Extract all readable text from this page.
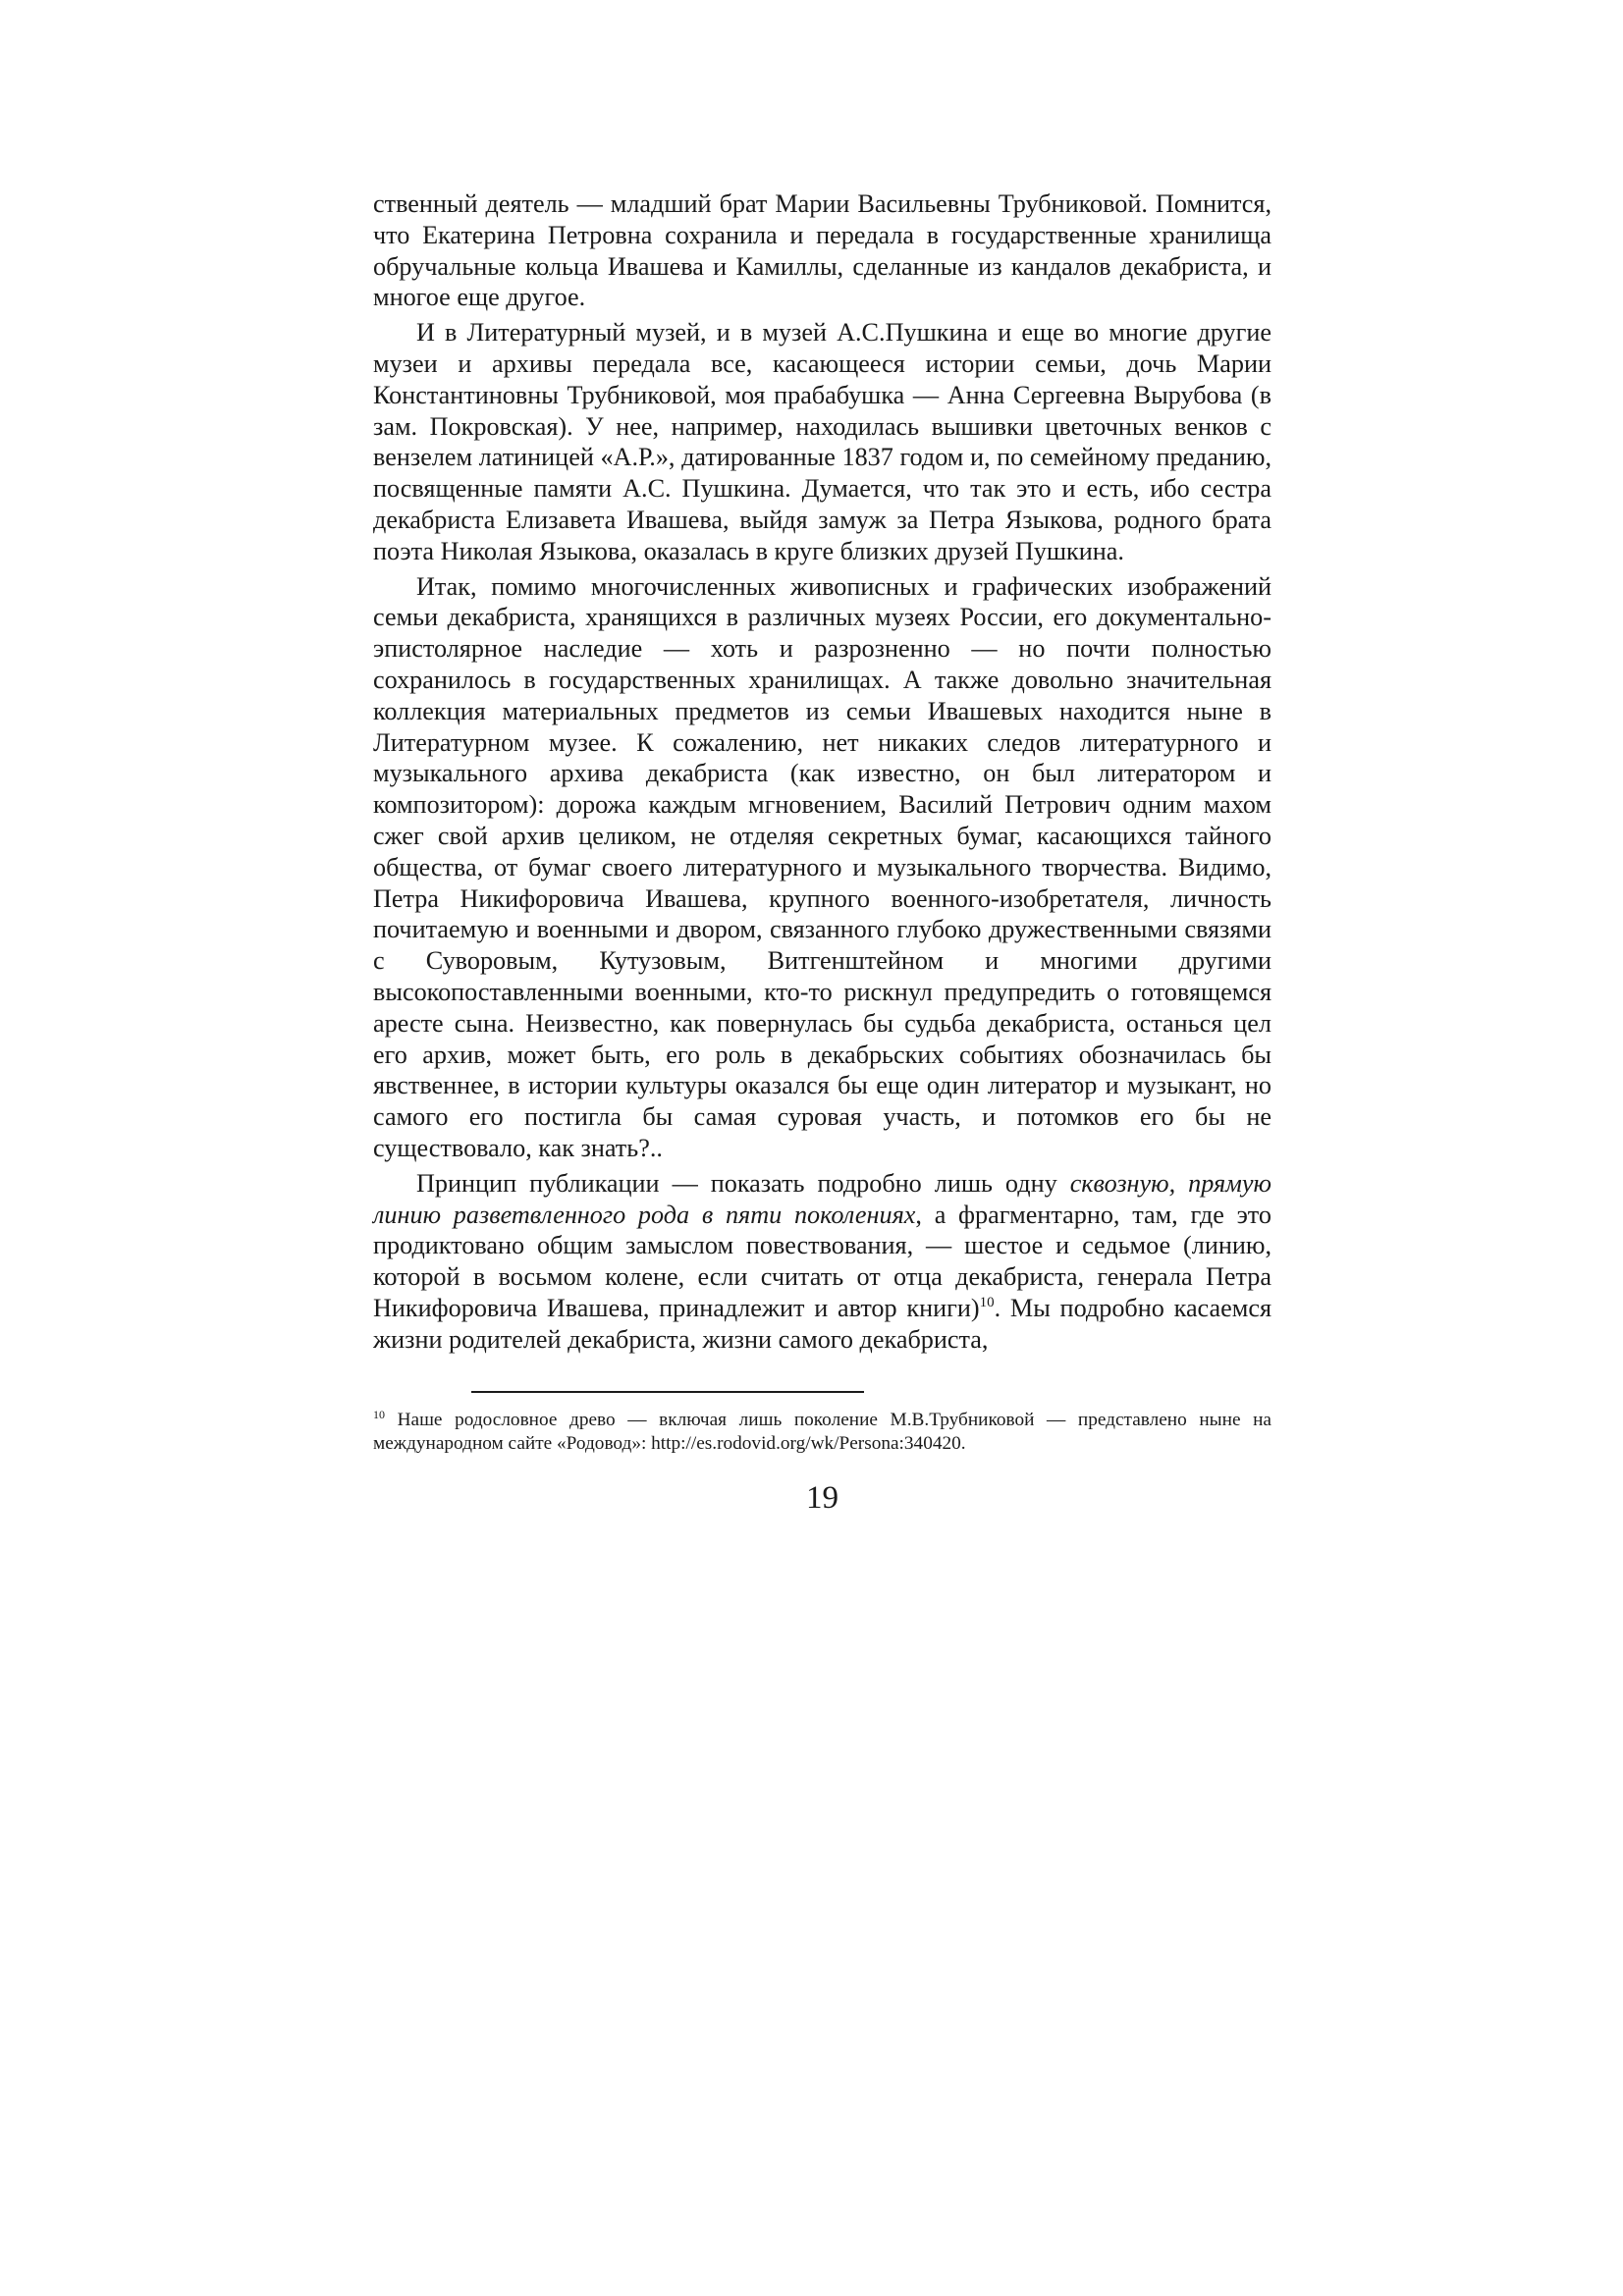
ственный деятель — младший брат Марии Васильевны Трубниковой. Помнится, что Екатерина Петровна сохранила и передала в государственные хранилища обручальные кольца Ивашева и Камиллы, сделанные из кандалов декабриста, и многое еще другое.

И в Литературный музей, и в музей А.С.Пушкина и еще во многие другие музеи и архивы передала все, касающееся истории семьи, дочь Марии Константиновны Трубниковой, моя прабабушка — Анна Сергеевна Вырубова (в зам. Покровская). У нее, например, находилась вышивки цветочных венков с вензелем латиницей «А.Р.», датированные 1837 годом и, по семейному преданию, посвященные памяти А.С. Пушкина. Думается, что так это и есть, ибо сестра декабриста Елизавета Ивашева, выйдя замуж за Петра Языкова, родного брата поэта Николая Языкова, оказалась в круге близких друзей Пушкина.

Итак, помимо многочисленных живописных и графических изображений семьи декабриста, хранящихся в различных музеях России, его документально-эпистолярное наследие — хоть и разрозненно — но почти полностью сохранилось в государственных хранилищах. А также довольно значительная коллекция материальных предметов из семьи Ивашевых находится ныне в Литературном музее. К сожалению, нет никаких следов литературного и музыкального архива декабриста (как известно, он был литератором и композитором): дорожа каждым мгновением, Василий Петрович одним махом сжег свой архив целиком, не отделяя секретных бумаг, касающихся тайного общества, от бумаг своего литературного и музыкального творчества. Видимо, Петра Никифоровича Ивашева, крупного военного-изобретателя, личность почитаемую и военными и двором, связанного глубоко дружественными связями с Суворовым, Кутузовым, Витгенштейном и многими другими высокопоставленными военными, кто-то рискнул предупредить о готовящемся аресте сына. Неизвестно, как повернулась бы судьба декабриста, останься цел его архив, может быть, его роль в декабрьских событиях обозначилась бы явственнее, в истории культуры оказался бы еще один литератор и музыкант, но самого его постигла бы самая суровая участь, и потомков его бы не существовало, как знать?..

Принцип публикации — показать подробно лишь одну сквозную, прямую линию разветвленного рода в пяти поколениях, а фрагментарно, там, где это продиктовано общим замыслом повествования, — шестое и седьмое (линию, которой в восьмом колене, если считать от отца декабриста, генерала Петра Никифоровича Ивашева, принадлежит и автор книги)$^{10}$. Мы подробно касаемся жизни родителей декабриста, жизни самого декабриста,

$^{10}$ Наше родословное древо — включая лишь поколение М.В.Трубниковой — представлено ныне на международном сайте «Родовод»: http://es.rodovid.org/wk/Persona:340420.

19
